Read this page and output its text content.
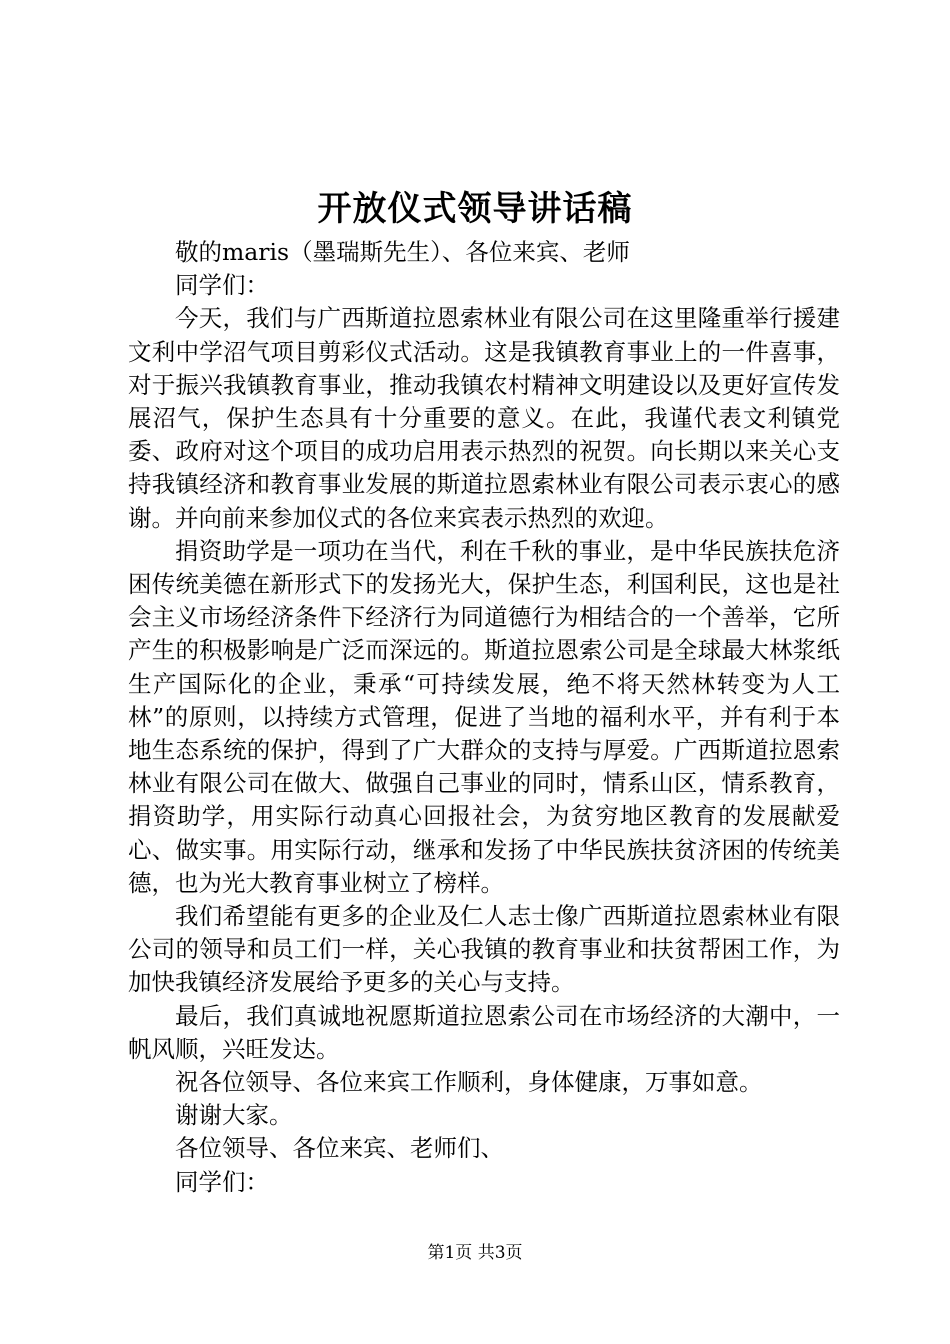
开放仪式领导讲话稿

敬的maris（墨瑞斯先生）、各位来宾、老师

同学们：

今天，我们与广西斯道拉恩索林业有限公司在这里隆重举行援建文利中学沼气项目剪彩仪式活动。这是我镇教育事业上的一件喜事，对于振兴我镇教育事业，推动我镇农村精神文明建设以及更好宣传发展沼气，保护生态具有十分重要的意义。在此，我谨代表文利镇党委、政府对这个项目的成功启用表示热烈的祝贺。向长期以来关心支持我镇经济和教育事业发展的斯道拉恩索林业有限公司表示衷心的感谢。并向前来参加仪式的各位来宾表示热烈的欢迎。

捐资助学是一项功在当代，利在千秋的事业，是中华民族扶危济困传统美德在新形式下的发扬光大，保护生态，利国利民，这也是社会主义市场经济条件下经济行为同道德行为相结合的一个善举，它所产生的积极影响是广泛而深远的。斯道拉恩索公司是全球最大林浆纸生产国际化的企业，秉承“可持续发展，绝不将天然林转变为人工林”的原则，以持续方式管理，促进了当地的福利水平，并有利于本地生态系统的保护，得到了广大群众的支持与厚爱。广西斯道拉恩索林业有限公司在做大、做强自己事业的同时，情系山区，情系教育，捐资助学，用实际行动真心回报社会，为贫穷地区教育的发展献爱心、做实事。用实际行动，继承和发扬了中华民族扶贫济困的传统美德，也为光大教育事业树立了榜样。

我们希望能有更多的企业及仁人志士像广西斯道拉恩索林业有限公司的领导和员工们一样，关心我镇的教育事业和扶贫帮困工作，为加快我镇经济发展给予更多的关心与支持。

最后，我们真诚地祝愿斯道拉恩索公司在市场经济的大潮中，一帆风顺，兴旺发达。

祝各位领导、各位来宾工作顺利，身体健康，万事如意。

谢谢大家。

各位领导、各位来宾、老师们、

同学们：

第1页 共3页
